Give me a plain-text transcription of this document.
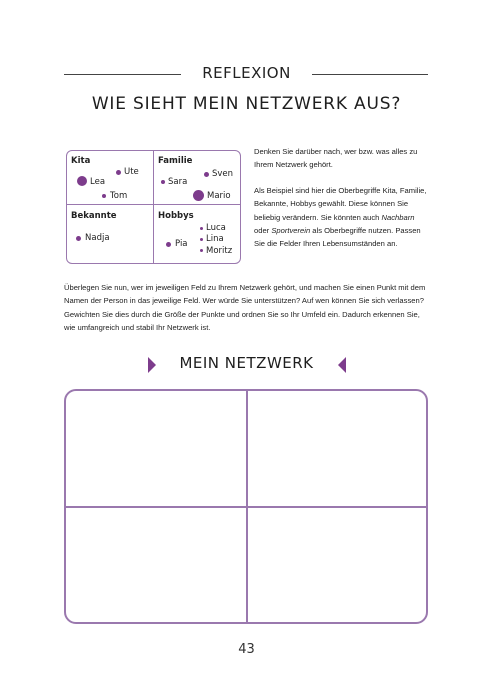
REFLEXION
WIE SIEHT MEIN NETZWERK AUS?
Kita
Ute
Lea
Tom
Familie
Sven
Sara
Mario
Bekannte
Nadja
Hobbys
Luca
Pia Lina
Moritz

Denken Sie darüber nach, wer bzw. was alles zu Ihrem Netzwerk gehört.

Als Beispiel sind hier die Oberbegriffe Kita, Familie, Bekannte, Hobbys gewählt. Diese können Sie beliebig verändern. Sie könnten auch Nachbarn oder Sportverein als Oberbegriffe nutzen. Passen Sie die Felder Ihren Lebensumständen an.

Überlegen Sie nun, wer im jeweiligen Feld zu Ihrem Netzwerk gehört, und machen Sie einen Punkt mit dem Namen der Person in das jeweilige Feld. Wer würde Sie unterstützen? Auf wen können Sie sich verlassen? Gewichten Sie dies durch die Größe der Punkte und ordnen Sie so Ihr Umfeld ein. Dadurch erkennen Sie, wie umfangreich und stabil Ihr Netzwerk ist.

MEIN NETZWERK
43
